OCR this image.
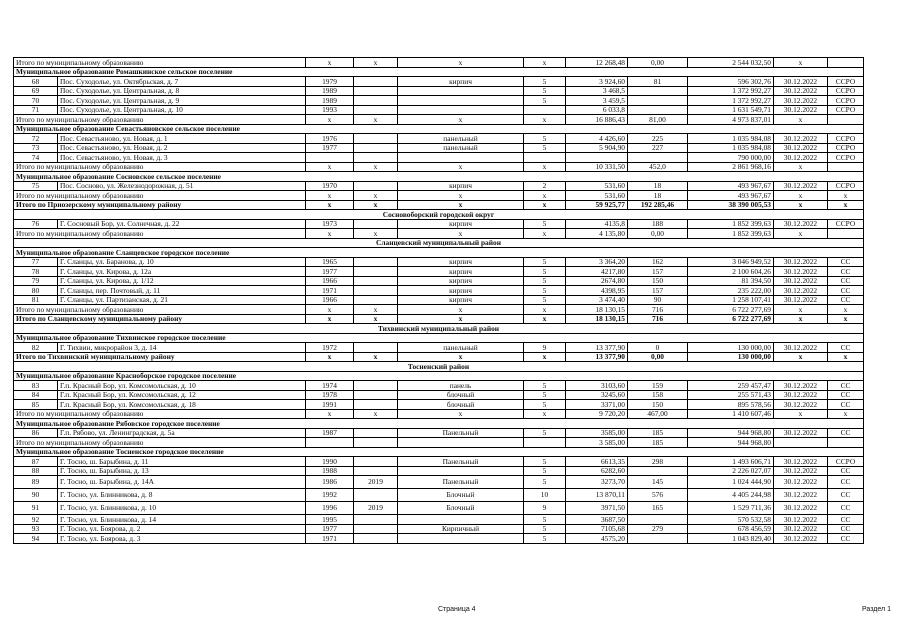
Итого по муниципальному образованию		x	x	x	x	12 268,48	0,00	2 544 032,50	x	
Муниципальное образование Ромашкинское сельское поселение										
68	Пос. Суходолье, ул. Октябрьская, д. 7	1979		кирпич	5	3 924,60	81	596 302,76	30.12.2022	ССРО
69	Пос. Суходолье, ул. Центральная, д. 8	1989			5	3 468,5		1 372 992,27	30.12.2022	ССРО
70	Пос. Суходолье, ул. Центральная, д. 9	1989			5	3 459,5		1 372 992,27	30.12.2022	ССРО
71	Пос. Суходолье, ул. Центральная, д. 10	1993				6 033,8		1 631 549,71	30.12.2022	ССРО
Итого по муниципальному образованию		x	x	x	x	16 886,43	81,00	4 973 837,01	x	
Муниципальное образование Севастьяновское сельское поселение										
72	Пос. Севастьяново, ул. Новая, д. 1	1976		панельный	5	4 426,60	225	1 035 984,08	30.12.2022	ССРО
73	Пос. Севастьяново, ул. Новая, д. 2	1977		панельный	5	5 904,90	227	1 035 984,08	30.12.2022	ССРО
74	Пос. Севастьяново, ул. Новая, д. 3							790 000,00	30.12.2022	ССРО
Итого по муниципальному образованию		x	x	x	x	10 331,50	452,0	2 861 968,16	x	
Муниципальное образование Сосновское сельское поселение										
75	Пос. Сосново, ул. Железнодорожная, д. 51	1970		кирпич	2	531,60	18	493 967,67	30.12.2022	ССРО
Итого по муниципальному образованию		x	x	x	x	531,60	18	493 967,67	x	x
Итого по Приозерскому муниципальному району		x	x	x	x	59 925,77	192 285,46	38 390 005,53	x	x
Сосновоборский городской округ										
76	Г. Сосновый Бор, ул. Солнечная, д. 22	1973		кирпич	5	4135,8	188	1 852 399,63	30.12.2022	ССРО
Итого по муниципальному образованию		x	x	x	x	4 135,80	0,00	1 852 399,63	x	
Сланцевский муниципальный район										
Муниципальное образование Сланцевское городское поселение										
77	Г. Сланцы, ул. Баранова, д. 10	1965		кирпич	5	3 364,20	162	3 046 949,52	30.12.2022	СС
78	Г. Сланцы, ул. Кирова, д. 12а	1977		кирпич	5	4217,80	157	2 100 604,26	30.12.2022	СС
79	Г. Сланцы, ул. Кирова, д. 1/12	1966		кирпич	5	2674,80	150	81 394,50	30.12.2022	СС
80	Г. Сланцы, пер. Почтовый, д. 11	1971		кирпич	5	4398,95	157	235 222,00	30.12.2022	СС
81	Г. Сланцы, ул. Партизанская, д. 21	1966		кирпич	5	3 474,40	90	1 258 107,41	30.12.2022	СС
Итого по муниципальному образованию		x	x	x	x	18 130,15	716	6 722 277,69	x	x
Итого по Сланцевскому муниципальному району		x	x	x	x	18 130,15	716	6 722 277,69	x	x
Тихвинский муниципальный район										
Муниципальное образование Тихвинское городское поселение										
82	Г. Тихвин, микрорайон 3, д. 14	1972		панельный	9	13 377,90	0	130 000,00	30.12.2022	СС
Итого по Тихвинский муниципальному району		x	x	x	x	13 377,90	0,00	130 000,00	x	x
Тосненский район										
Муниципальное образование Красноборское городское поселение										
83	Г.п. Красный Бор, ул. Комсомольская, д. 10	1974		панель	5	3103,60	159	259 457,47	30.12.2022	СС
84	Г.п. Красный Бор, ул. Комсомольская, д. 12	1978		блочный	5	3245,60	158	255 571,43	30.12.2022	СС
85	Г.п. Красный Бор, ул. Комсомольская, д. 18	1991		блочный	5	3371,00	150	895 578,56	30.12.2022	СС
Итого по муниципальному образованию		x	x	x	x	9 720,20	467,00	1 410 607,46	x	x
Муниципальное образование Рябовское городское поселение										
86	Г.п. Рябово, ул. Ленинградская, д. 5а	1987		Панельный	5	3585,00	185	944 968,80	30.12.2022	СС
Итого по муниципальному образованию						3 585,00	185	944 968,80		
Муниципальное образование Тосненское городское поселение										
87	Г. Тосно, ш. Барыбина, д. 11	1990		Панельный	5	6613,35	298	1 493 606,71	30.12.2022	ССРО
88	Г. Тосно, ш. Барыбина, д. 13	1988			5	6282,60		2 226 027,07	30.12.2022	СС
89	Г. Тосно, ш. Барыбина, д. 14А	1986	2019	Панельный	5	3273,70	145	1 024 444,90	30.12.2022	СС
90	Г. Тосно, ул. Блинникова, д. 8	1992		Блочный	10	13 870,11	576	4 405 244,98	30.12.2022	СС
91	Г. Тосно, ул. Блинникова, д. 10	1996	2019	Блочный	9	3971,50	165	1 529 711,36	30.12.2022	СС
92	Г. Тосно, ул. Блинникова, д. 14	1995			5	3687,50		570 532,58	30.12.2022	СС
93	Г. Тосно, ул. Боярова, д. 2	1977		Кирпичный	5	7105,68	279	678 456,59	30.12.2022	СС
94	Г. Тосно, ул. Боярова, д. 3	1971			5	4575,20		1 043 829,40	30.12.2022	СС
Страница 4	Раздел 1
